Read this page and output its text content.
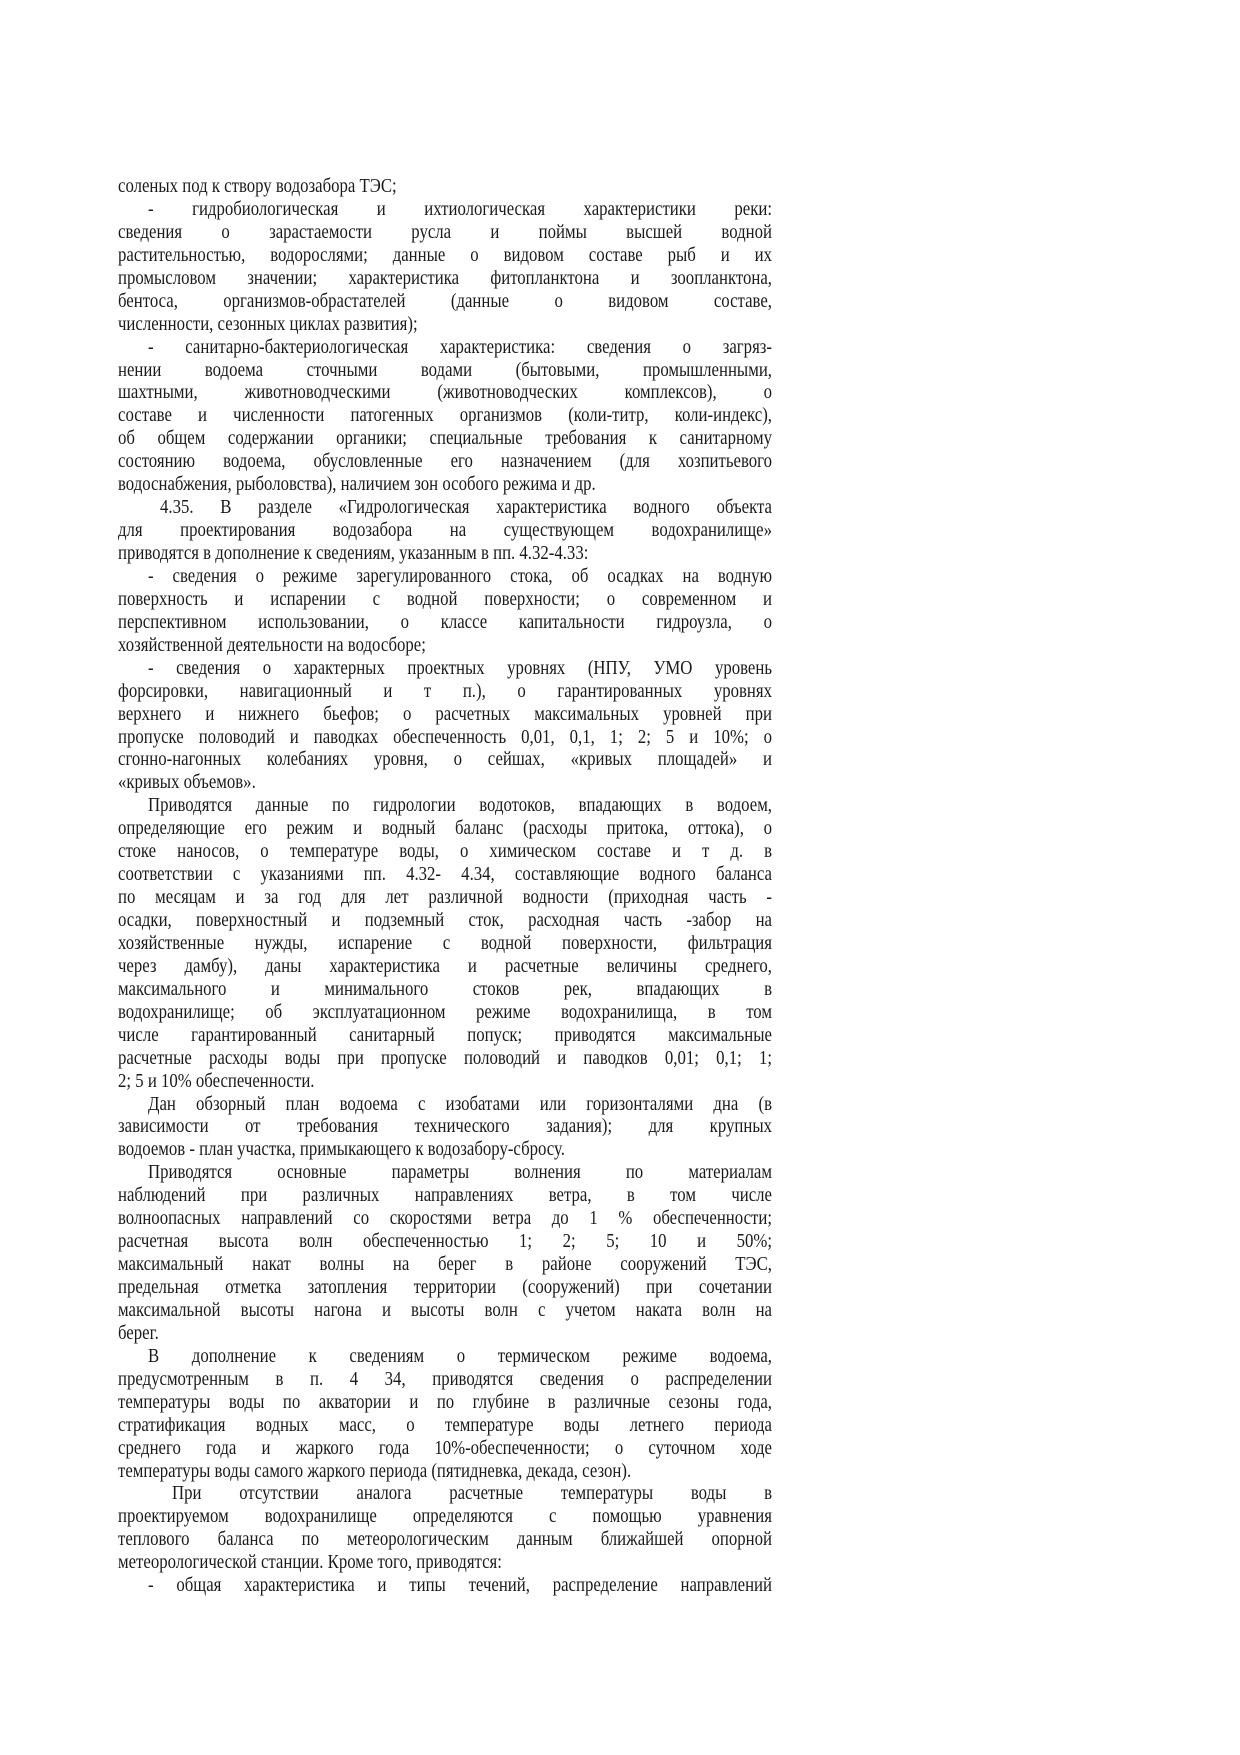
соленых под к створу водозабора ТЭС;
- гидробиологическая и ихтиологическая характеристики реки:
сведения о зарастаемости русла и поймы высшей водной
растительностью, водорослями; данные о видовом составе рыб и их
промысловом значении; характеристика фитопланктона и зоопланктона,
бентоса, организмов-обрастателей (данные о видовом составе,
численности, сезонных циклах развития);
- санитарно-бактериологическая характеристика: сведения о загряз-
нении водоема сточными водами (бытовыми, промышленными,
шахтными, животноводческими (животноводческих комплексов), о
составе и численности патогенных организмов (коли-титр, коли-индекс),
об общем содержании органики; специальные требования к санитарному
состоянию водоема, обусловленные его назначением (для хозпитьевого
водоснабжения, рыболовства), наличием зон особого режима и др.
4.35. В разделе «Гидрологическая характеристика водного объекта
для проектирования водозабора на существующем водохранилище»
приводятся в дополнение к сведениям, указанным в пп. 4.32-4.33:
- сведения о режиме зарегулированного стока, об осадках на водную
поверхность и испарении с водной поверхности; о современном и
перспективном использовании, о классе капитальности гидроузла, о
хозяйственной деятельности на водосборе;
- сведения о характерных проектных уровнях (НПУ, УМО уровень
форсировки, навигационный и т п.), о гарантированных уровнях
верхнего и нижнего бьефов; о расчетных максимальных уровней при
пропуске половодий и паводках обеспеченность 0,01, 0,1, 1; 2; 5 и 10%; о
сгонно-нагонных колебаниях уровня, о сейшах, «кривых площадей» и
«кривых объемов».
Приводятся данные по гидрологии водотоков, впадающих в водоем,
определяющие его режим и водный баланс (расходы притока, оттока), о
стоке наносов, о температуре воды, о химическом составе и т д. в
соответствии с указаниями пп. 4.32- 4.34, составляющие водного баланса
по месяцам и за год для лет различной водности (приходная часть -
осадки, поверхностный и подземный сток, расходная часть -забор на
хозяйственные нужды, испарение с водной поверхности, фильтрация
через дамбу), даны характеристика и расчетные величины среднего,
максимального и минимального стоков рек, впадающих в
водохранилище; об эксплуатационном режиме водохранилища, в том
числе гарантированный санитарный попуск; приводятся максимальные
расчетные расходы воды при пропуске половодий и паводков 0,01; 0,1; 1;
2; 5 и 10% обеспеченности.
Дан обзорный план водоема с изобатами или горизонталями дна (в
зависимости от требования технического задания); для крупных
водоемов - план участка, примыкающего к водозабору-сбросу.
Приводятся основные параметры волнения по материалам
наблюдений при различных направлениях ветра, в том числе
волноопасных направлений со скоростями ветра до 1 % обеспеченности;
расчетная высота волн обеспеченностью 1; 2; 5; 10 и 50%;
максимальный накат волны на берег в районе сооружений ТЭС,
предельная отметка затопления территории (сооружений) при сочетании
максимальной высоты нагона и высоты волн с учетом наката волн на
берег.
В дополнение к сведениям о термическом режиме водоема,
предусмотренным в п. 4 34, приводятся сведения о распределении
температуры воды по акватории и по глубине в различные сезоны года,
стратификация водных масс, о температуре воды летнего периода
среднего года и жаркого года 10%-обеспеченности; о суточном ходе
температуры воды самого жаркого периода (пятидневка, декада, сезон).
При отсутствии аналога расчетные температуры воды в
проектируемом водохранилище определяются с помощью уравнения
теплового баланса по метеорологическим данным ближайшей опорной
метеорологической станции. Кроме того, приводятся:
- общая характеристика и типы течений, распределение направлений
